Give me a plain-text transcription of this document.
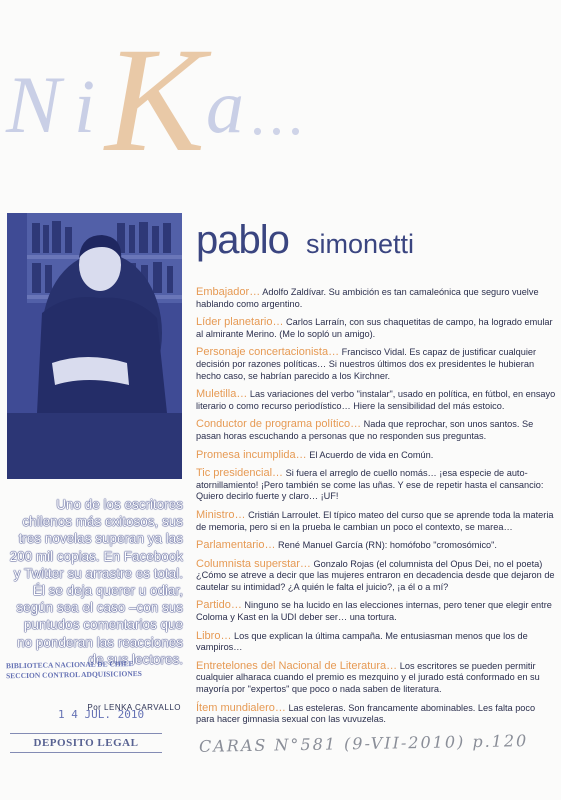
N i K a ...
pablo simonetti
Embajador… Adolfo Zaldívar. Su ambición es tan camaleónica que seguro vuelve hablando como argentino.
Líder planetario… Carlos Larraín, con sus chaquetitas de campo, ha logrado emular al almirante Merino. (Me lo sopló un amigo).
Personaje concertacionista… Francisco Vidal. Es capaz de justificar cualquier decisión por razones políticas… Si nuestros últimos dos ex presidentes le hubieran hecho caso, se habrían parecido a los Kirchner.
Muletilla… Las variaciones del verbo "instalar", usado en política, en fútbol, en ensayo literario o como recurso periodístico… Hiere la sensibilidad del más estoico.
Conductor de programa político… Nada que reprochar, son unos santos. Se pasan horas escuchando a personas que no responden sus preguntas.
Promesa incumplida… El Acuerdo de vida en Común.
Tic presidencial… Si fuera el arreglo de cuello nomás… ¡esa especie de auto-atornillamiento! ¡Pero también se come las uñas. Y ese de repetir hasta el cansancio: Quiero decirlo fuerte y claro… ¡UF!
Ministro… Cristián Larroulet. El típico mateo del curso que se aprende toda la materia de memoria, pero si en la prueba le cambian un poco el contexto, se marea…
Parlamentario… René Manuel García (RN): homófobo "cromosómico".
Columnista superstar… Gonzalo Rojas (el columnista del Opus Dei, no el poeta) ¿Cómo se atreve a decir que las mujeres entraron en decadencia desde que dejaron de cautelar su intimidad? ¿A quién le falta el juicio?, ¡a él o a mí?
Partido… Ninguno se ha lucido en las elecciones internas, pero tener que elegir entre Coloma y Kast en la UDI deber ser… una tortura.
Libro… Los que explican la última campaña. Me entusiasman menos que los de vampiros…
Entretelones del Nacional de Literatura… Los escritores se pueden permitir cualquier alharaca cuando el premio es mezquino y el jurado está conformado en su mayoría por "expertos" que poco o nada saben de literatura.
Ítem mundialero… Las esteleras. Son francamente abominables. Les falta poco para hacer gimnasia sexual con las vuvuzelas.
Uno de los escritores chilenos más exitosos, sus tres novelas superan ya las 200 mil copias. En Facebook y Twitter su arrastre es total. Él se deja querer u odiar, según sea el caso –con sus puntudos comentarios que no ponderan las reacciones de sus lectores.
BIBLIOTECA NACIONAL DE CHILE SECCION CONTROL ADQUISICIONES
Por LENKA CARVALLO
1 4 JUL. 2010
DEPOSITO LEGAL	CARAS N°581 (9-VII-2010) p.120
